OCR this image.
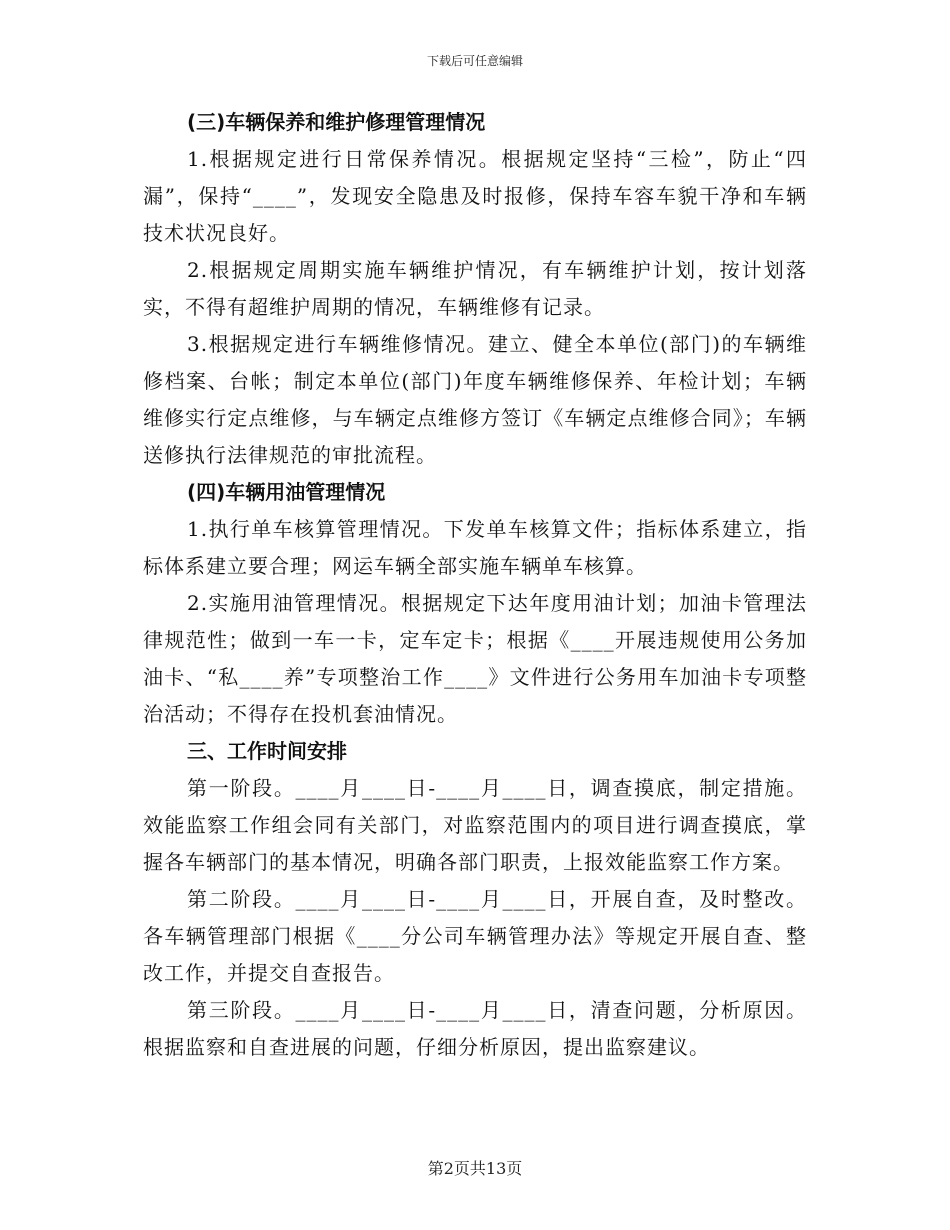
下载后可任意编辑
(三)车辆保养和维护修理管理情况

1.根据规定进行日常保养情况。根据规定坚持“三检”，防止“四漏”，保持“____”，发现安全隐患及时报修，保持车容车貌干净和车辆技术状况良好。

2.根据规定周期实施车辆维护情况，有车辆维护计划，按计划落实，不得有超维护周期的情况，车辆维修有记录。

3.根据规定进行车辆维修情况。建立、健全本单位(部门)的车辆维修档案、台帐；制定本单位(部门)年度车辆维修保养、年检计划；车辆维修实行定点维修，与车辆定点维修方签订《车辆定点维修合同》；车辆送修执行法律规范的审批流程。

(四)车辆用油管理情况

1.执行单车核算管理情况。下发单车核算文件；指标体系建立，指标体系建立要合理；网运车辆全部实施车辆单车核算。

2.实施用油管理情况。根据规定下达年度用油计划；加油卡管理法律规范性；做到一车一卡，定车定卡；根据《____开展违规使用公务加油卡、“私____养”专项整治工作____》文件进行公务用车加油卡专项整治活动；不得存在投机套油情况。

三、工作时间安排

第一阶段。____月____日-____月____日，调查摸底，制定措施。效能监察工作组会同有关部门，对监察范围内的项目进行调查摸底，掌握各车辆部门的基本情况，明确各部门职责，上报效能监察工作方案。

第二阶段。____月____日-____月____日，开展自查，及时整改。各车辆管理部门根据《____分公司车辆管理办法》等规定开展自查、整改工作，并提交自查报告。

第三阶段。____月____日-____月____日，清查问题，分析原因。根据监察和自查进展的问题，仔细分析原因，提出监察建议。

第2页共13页
